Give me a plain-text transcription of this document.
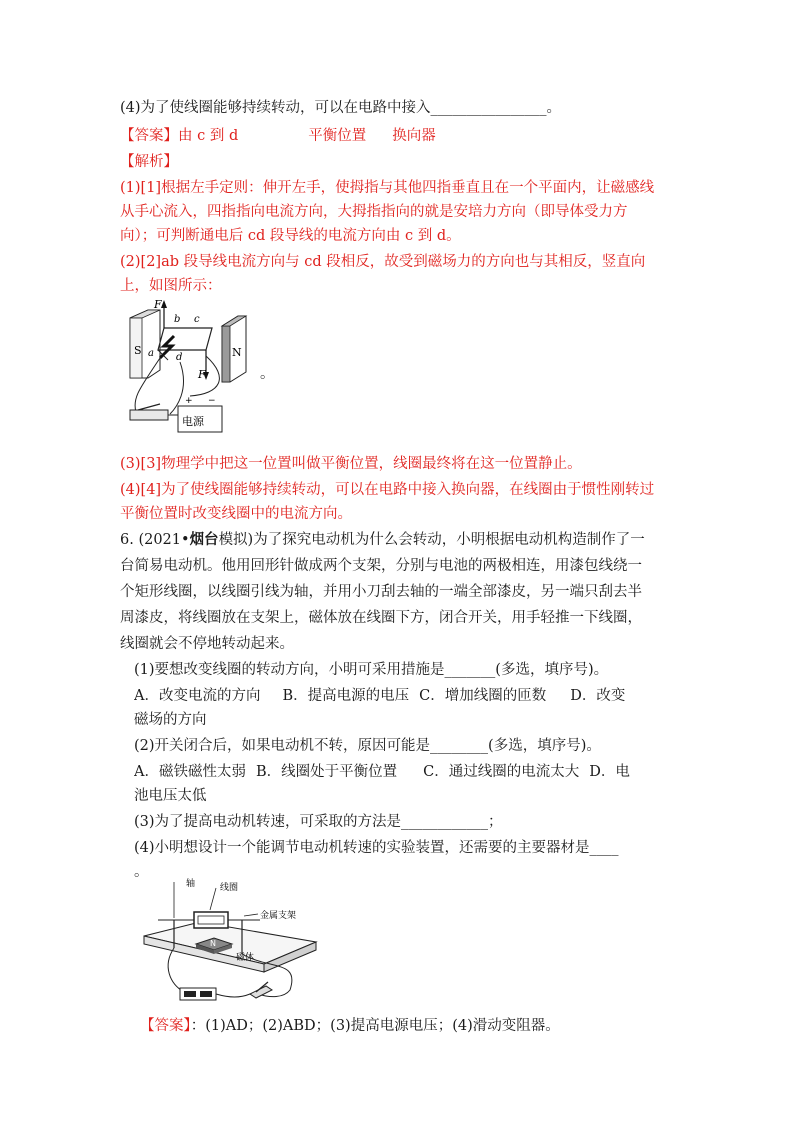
(4)为了使线圈能够持续转动，可以在电路中接入________________。
【答案】由 c 到 d	平衡位置 换向器
【解析】
(1)[1]根据左手定则：伸开左手，使拇指与其他四指垂直且在一个平面内，让磁感线
从手心流入，四指指向电流方向，大拇指指向的就是安培力方向（即导体受力方
向）；可判断通电后 cd 段导线的电流方向由 c 到 d。
(2)[2]ab 段导线电流方向与 cd 段相反，故受到磁场力的方向也与其相反，竖直向
上，如图所示：
F
b c
S a d	N
F
+ −
电源
。
(3)[3]物理学中把这一位置叫做平衡位置，线圈最终将在这一位置静止。
(4)[4]为了使线圈能够持续转动，可以在电路中接入换向器，在线圈由于惯性刚转过
平衡位置时改变线圈中的电流方向。
6. (2021•烟台模拟)为了探究电动机为什么会转动，小明根据电动机构造制作了一
台简易电动机。他用回形针做成两个支架，分别与电池的两极相连，用漆包线绕一
个矩形线圈，以线圈引线为轴，并用小刀刮去轴的一端全部漆皮，另一端只刮去半
周漆皮，将线圈放在支架上，磁体放在线圈下方，闭合开关，用手轻推一下线圈，
线圈就会不停地转动起来。
(1)要想改变线圈的转动方向，小明可采用措施是_______(多选，填序号)。
A．改变电流的方向 B．提高电源的电压 C．增加线圈的匝数 D．改变
磁场的方向
(2)开关闭合后，如果电动机不转，原因可能是________(多选，填序号)。
A．磁铁磁性太弱 B．线圈处于平衡位置 C．通过线圈的电流太大 D．电
池电压太低
(3)为了提高电动机转速，可采取的方法是____________；
(4)小明想设计一个能调节电动机转速的实验装置，还需要的主要器材是____
。
N
轴	线圈
金属支架
磁体
【答案】：(1)AD；(2)ABD；(3)提高电源电压；(4)滑动变阻器。
